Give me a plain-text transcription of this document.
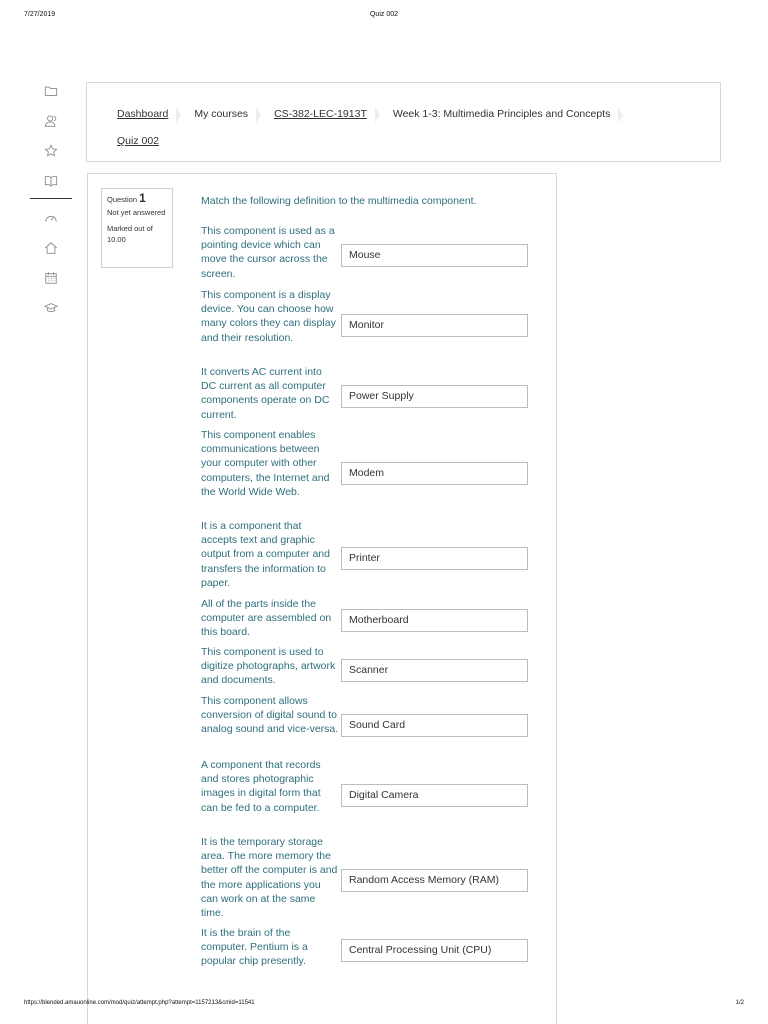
7/27/2019	Quiz 002
Dashboard My courses CS-382-LEC-1913T Week 1-3: Multimedia Principles and Concepts
Quiz 002
Question 1
Not yet answered
Marked out of 10.00
Match the following definition to the multimedia component.
This component is used as a pointing device which can move the cursor across the screen.
Mouse
This component is a display device. You can choose how many colors they can display and their resolution.
Monitor
It converts AC current into DC current as all computer components operate on DC current.
Power Supply
This component enables communications between your computer with other computers, the Internet and the World Wide Web.
Modem
It is a component that accepts text and graphic output from a computer and transfers the information to paper.
Printer
All of the parts inside the computer are assembled on this board.
Motherboard
This component is used to digitize photographs, artwork and documents.
Scanner
This component allows conversion of digital sound to analog sound and vice-versa.	Sound Card
A component that records and stores photographic images in digital form that can be fed to a computer.
Digital Camera
It is the temporary storage area. The more memory the better off the computer is and the more applications you can work on at the same time.
Random Access Memory (RAM)
It is the brain of the computer. Pentium is a popular chip presently.
Central Processing Unit (CPU)
https://blended.amauonline.com/mod/quiz/attempt.php?attempt=1157213&cmid=11541	1/2
